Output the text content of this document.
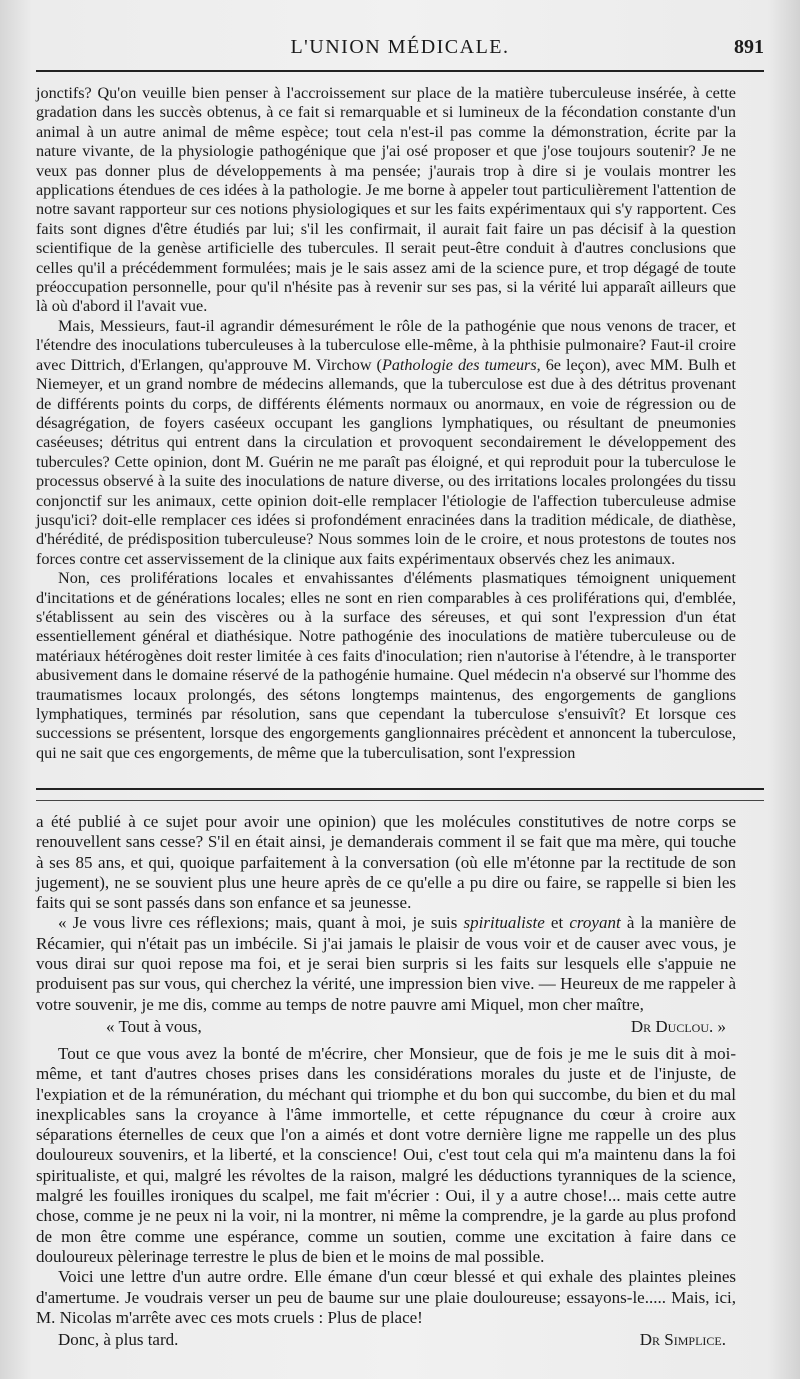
L'UNION MÉDICALE.	891

jonctifs? Qu'on veuille bien penser à l'accroissement sur place de la matière tuberculeuse insérée, à cette gradation dans les succès obtenus, à ce fait si remarquable et si lumineux de la fécondation constante d'un animal à un autre animal de même espèce; tout cela n'est-il pas comme la démonstration, écrite par la nature vivante, de la physiologie pathogénique que j'ai osé proposer et que j'ose toujours soutenir? Je ne veux pas donner plus de développements à ma pensée; j'aurais trop à dire si je voulais montrer les applications étendues de ces idées à la pathologie. Je me borne à appeler tout particulièrement l'attention de notre savant rapporteur sur ces notions physiologiques et sur les faits expérimentaux qui s'y rapportent. Ces faits sont dignes d'être étudiés par lui; s'il les confirmait, il aurait fait faire un pas décisif à la question scientifique de la genèse artificielle des tubercules. Il serait peut-être conduit à d'autres conclusions que celles qu'il a précédemment formulées; mais je le sais assez ami de la science pure, et trop dégagé de toute préoccupation personnelle, pour qu'il n'hésite pas à revenir sur ses pas, si la vérité lui apparaît ailleurs que là où d'abord il l'avait vue.

Mais, Messieurs, faut-il agrandir démesurément le rôle de la pathogénie que nous venons de tracer, et l'étendre des inoculations tuberculeuses à la tuberculose elle-même, à la phthisie pulmonaire? Faut-il croire avec Dittrich, d'Erlangen, qu'approuve M. Virchow (Pathologie des tumeurs, 6e leçon), avec MM. Bulh et Niemeyer, et un grand nombre de médecins allemands, que la tuberculose est due à des détritus provenant de différents points du corps, de différents éléments normaux ou anormaux, en voie de régression ou de désagrégation, de foyers caséeux occupant les ganglions lymphatiques, ou résultant de pneumonies caséeuses; détritus qui entrent dans la circulation et provoquent secondairement le développement des tubercules? Cette opinion, dont M. Guérin ne me paraît pas éloigné, et qui reproduit pour la tuberculose le processus observé à la suite des inoculations de nature diverse, ou des irritations locales prolongées du tissu conjonctif sur les animaux, cette opinion doit-elle remplacer l'étiologie de l'affection tuberculeuse admise jusqu'ici? doit-elle remplacer ces idées si profondément enracinées dans la tradition médicale, de diathèse, d'hérédité, de prédisposition tuberculeuse? Nous sommes loin de le croire, et nous protestons de toutes nos forces contre cet asservissement de la clinique aux faits expérimentaux observés chez les animaux.

Non, ces proliférations locales et envahissantes d'éléments plasmatiques témoignent uniquement d'incitations et de générations locales; elles ne sont en rien comparables à ces proliférations qui, d'emblée, s'établissent au sein des viscères ou à la surface des séreuses, et qui sont l'expression d'un état essentiellement général et diathésique. Notre pathogénie des inoculations de matière tuberculeuse ou de matériaux hétérogènes doit rester limitée à ces faits d'inoculation; rien n'autorise à l'étendre, à le transporter abusivement dans le domaine réservé de la pathogénie humaine. Quel médecin n'a observé sur l'homme des traumatismes locaux prolongés, des sétons longtemps maintenus, des engorgements de ganglions lymphatiques, terminés par résolution, sans que cependant la tuberculose s'ensuivît? Et lorsque ces successions se présentent, lorsque des engorgements ganglionnaires précèdent et annoncent la tuberculose, qui ne sait que ces engorgements, de même que la tuberculisation, sont l'expression

a été publié à ce sujet pour avoir une opinion) que les molécules constitutives de notre corps se renouvellent sans cesse? S'il en était ainsi, je demanderais comment il se fait que ma mère, qui touche à ses 85 ans, et qui, quoique parfaitement à la conversation (où elle m'étonne par la rectitude de son jugement), ne se souvient plus une heure après de ce qu'elle a pu dire ou faire, se rappelle si bien les faits qui se sont passés dans son enfance et sa jeunesse.

« Je vous livre ces réflexions; mais, quant à moi, je suis spiritualiste et croyant à la manière de Récamier, qui n'était pas un imbécile. Si j'ai jamais le plaisir de vous voir et de causer avec vous, je vous dirai sur quoi repose ma foi, et je serai bien surpris si les faits sur lesquels elle s'appuie ne produisent pas sur vous, qui cherchez la vérité, une impression bien vive. — Heureux de me rappeler à votre souvenir, je me dis, comme au temps de notre pauvre ami Miquel, mon cher maître,

« Tout à vous,	Dr Duclou. »

Tout ce que vous avez la bonté de m'écrire, cher Monsieur, que de fois je me le suis dit à moi-même, et tant d'autres choses prises dans les considérations morales du juste et de l'injuste, de l'expiation et de la rémunération, du méchant qui triomphe et du bon qui succombe, du bien et du mal inexplicables sans la croyance à l'âme immortelle, et cette répugnance du cœur à croire aux séparations éternelles de ceux que l'on a aimés et dont votre dernière ligne me rappelle un des plus douloureux souvenirs, et la liberté, et la conscience! Oui, c'est tout cela qui m'a maintenu dans la foi spiritualiste, et qui, malgré les révoltes de la raison, malgré les déductions tyranniques de la science, malgré les fouilles ironiques du scalpel, me fait m'écrier : Oui, il y a autre chose!... mais cette autre chose, comme je ne peux ni la voir, ni la montrer, ni même la comprendre, je la garde au plus profond de mon être comme une espérance, comme un soutien, comme une excitation à faire dans ce douloureux pèlerinage terrestre le plus de bien et le moins de mal possible.

Voici une lettre d'un autre ordre. Elle émane d'un cœur blessé et qui exhale des plaintes pleines d'amertume. Je voudrais verser un peu de baume sur une plaie douloureuse; essayons-le..... Mais, ici, M. Nicolas m'arrête avec ces mots cruels : Plus de place!

Donc, à plus tard.	Dr Simplice.
